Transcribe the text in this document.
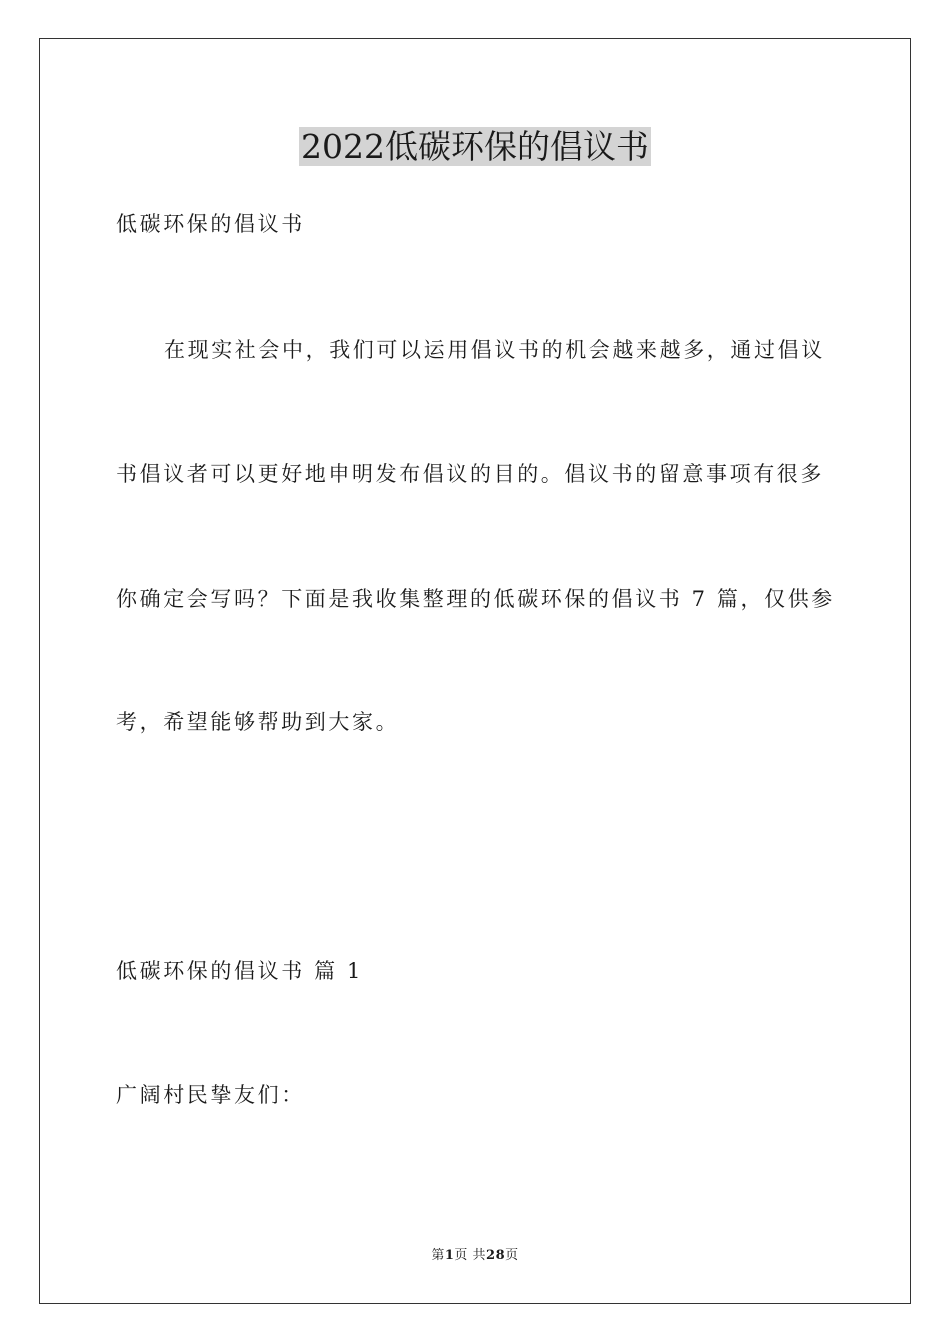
2022低碳环保的倡议书
低碳环保的倡议书
在现实社会中，我们可以运用倡议书的机会越来越多，通过倡议
书倡议者可以更好地申明发布倡议的目的。倡议书的留意事项有很多
你确定会写吗？下面是我收集整理的低碳环保的倡议书 7 篇，仅供参
考，希望能够帮助到大家。
低碳环保的倡议书 篇 1
广阔村民挚友们：
第1页 共28页
